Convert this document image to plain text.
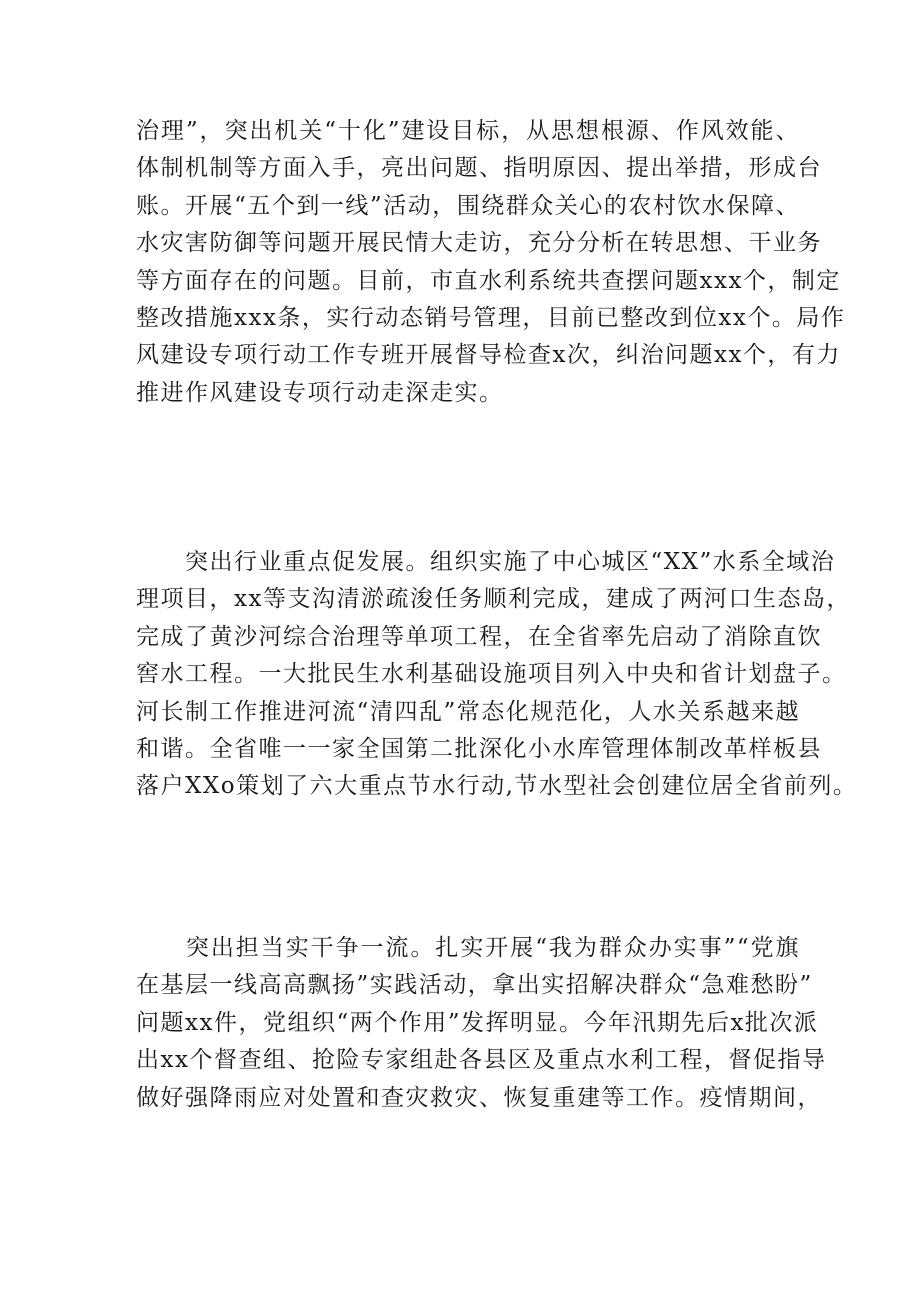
治理”，突出机关“十化”建设目标，从思想根源、作风效能、
体制机制等方面入手，亮出问题、指明原因、提出举措，形成台
账。开展“五个到一线”活动，围绕群众关心的农村饮水保障、
水灾害防御等问题开展民情大走访，充分分析在转思想、干业务
等方面存在的问题。目前，市直水利系统共查摆问题xxx个，制定
整改措施xxx条，实行动态销号管理，目前已整改到位xx个。局作
风建设专项行动工作专班开展督导检查x次，纠治问题xx个，有力
推进作风建设专项行动走深走实。

　　突出行业重点促发展。组织实施了中心城区“XX”水系全域治
理项目，xx等支沟清淤疏浚任务顺利完成，建成了两河口生态岛，
完成了黄沙河综合治理等单项工程，在全省率先启动了消除直饮
窖水工程。一大批民生水利基础设施项目列入中央和省计划盘子。
河长制工作推进河流“清四乱”常态化规范化，人水关系越来越
和谐。全省唯一一家全国第二批深化小水库管理体制改革样板县
落户XXo策划了六大重点节水行动,节水型社会创建位居全省前列。

　　突出担当实干争一流。扎实开展“我为群众办实事”“党旗
在基层一线高高飘扬”实践活动，拿出实招解决群众“急难愁盼”
问题xx件，党组织“两个作用”发挥明显。今年汛期先后x批次派
出xx个督查组、抢险专家组赴各县区及重点水利工程，督促指导
做好强降雨应对处置和查灾救灾、恢复重建等工作。疫情期间，
